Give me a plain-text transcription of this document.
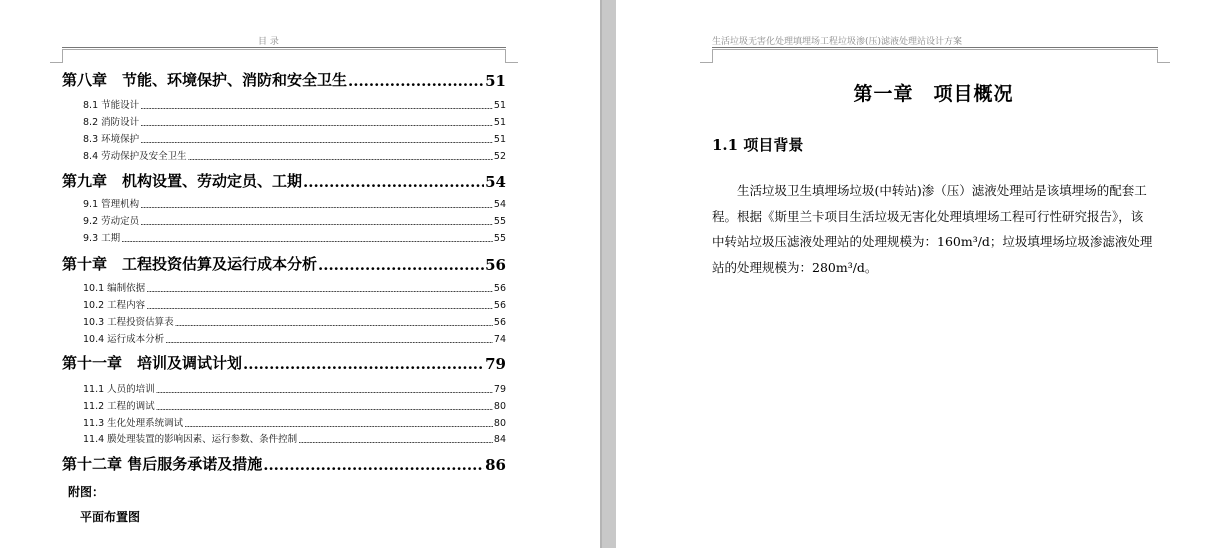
目 录
第八章　节能、环境保护、消防和安全卫生 .....	51
8.1 节能设计 .....	51
8.2 消防设计 .....	51
8.3 环境保护 .....	51
8.4 劳动保护及安全卫生 .....	52
第九章　机构设置、劳动定员、工期 .....	54
9.1 管理机构 .....	54
9.2 劳动定员 .....	55
9.3 工期 .....	55
第十章　工程投资估算及运行成本分析 .....	56
10.1 编制依据 .....	56
10.2 工程内容 .....	56
10.3 工程投资估算表 .....	56
10.4 运行成本分析 .....	74
第十一章　培训及调试计划 .....	79
11.1 人员的培训 .....	79
11.2 工程的调试 .....	80
11.3 生化处理系统调试 .....	80
11.4 膜处理装置的影响因素、运行参数、条件控制 .....	84
第十二章 售后服务承诺及措施 .....	86
附图：
平面布置图
生活垃圾无害化处理填埋场工程垃圾渗(压)滤液处理站设计方案
第一章　项目概况
1.1 项目背景
生活垃圾卫生填埋场垃圾(中转站)渗（压）滤液处理站是该填埋场的配套工
程。根据《斯里兰卡项目生活垃圾无害化处理填埋场工程可行性研究报告》，该
中转站垃圾压滤液处理站的处理规模为：160m³/d；垃圾填埋场垃圾渗滤液处理
站的处理规模为：280m³/d。
